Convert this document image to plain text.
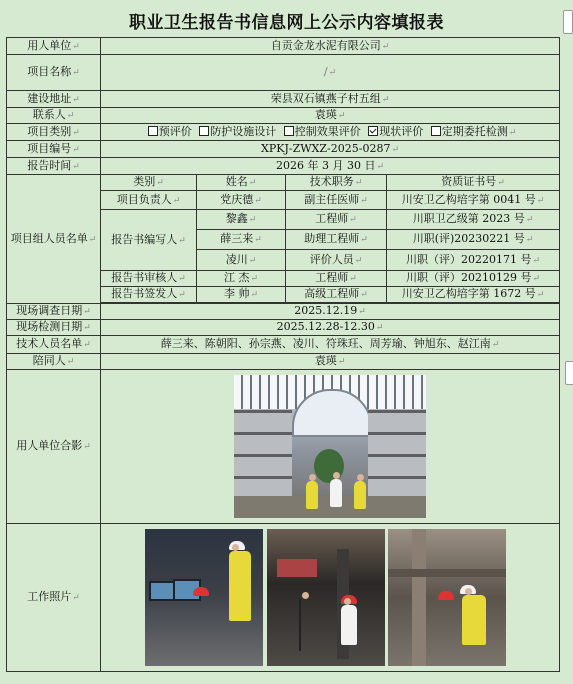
职业卫生报告书信息网上公示内容填报表
用人单位↵	自贡金龙水泥有限公司↵			
项目名称↵	/↵			
建设地址↵	荣县双石镇燕子村五组↵			
联系人↵	袁瑛↵			
项目类别↵	预评价 防护设施设计 控制效果评价 现状评价 定期委托检测↵			
项目编号↵	XPKJ-ZWXZ-2025-0287↵			
报告时间↵	2026 年 3 月 30 日↵			
项目组人员名单↵	类别↵	姓名↵	技术职务↵	资质证书号↵
	项目负责人↵	党庆德↵	副主任医师↵	川安卫乙构培字第 0041 号↵
	报告书编写人↵	黎鑫↵	工程师↵	川职卫乙级第 2023 号↵
		薛三来↵	助理工程师↵	川职(评)20230221 号↵
		凌川↵	评价人员↵	川职（评）20220171 号↵
	报告书审核人↵	江 杰↵	工程师↵	川职（评）20210129 号↵
	报告书签发人↵	李 帅↵	高级工程师↵	川安卫乙构培字第 1672 号↵

现场调查日期↵	2025.12.19↵			
现场检测日期↵	2025.12.28-12.30↵			
技术人员名单↵	薛三来、陈朝阳、孙宗燕、凌川、符珠玨、周芳瑜、钟旭东、赵江南↵			
陪同人↵	袁瑛↵			
用人单位合影↵				

工作照片↵				
